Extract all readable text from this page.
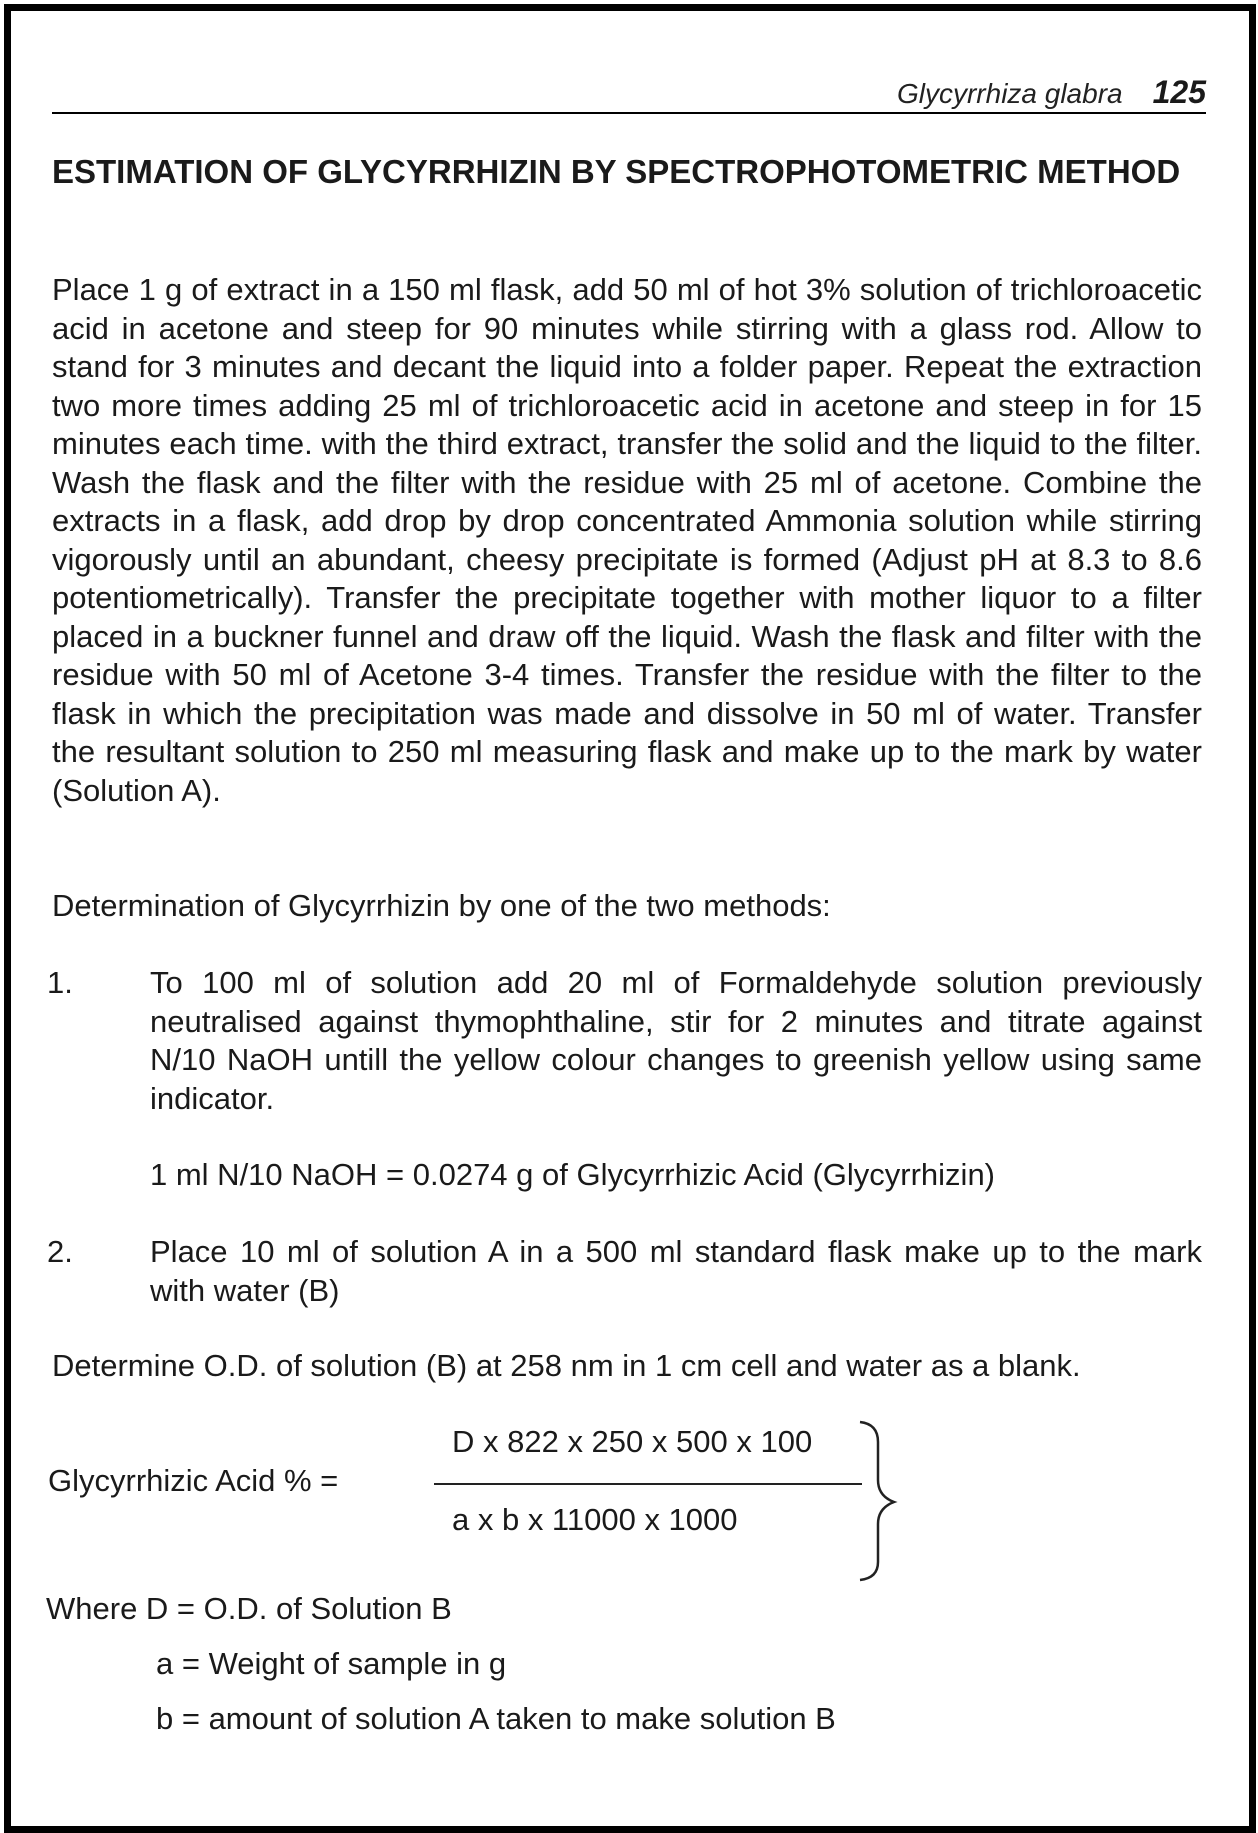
Glycyrrhiza glabra 125
ESTIMATION OF GLYCYRRHIZIN BY SPECTROPHOTOMETRIC METHOD
Place 1 g of extract in a 150 ml flask, add 50 ml of hot 3% solution of trichloroacetic acid in acetone and steep for 90 minutes while stirring with a glass rod. Allow to stand for 3 minutes and decant the liquid into a folder paper. Repeat the extraction two more times adding 25 ml of trichloroacetic acid in acetone and steep in for 15 minutes each time. with the third extract, transfer the solid and the liquid to the filter. Wash the flask and the filter with the residue with 25 ml of acetone. Combine the extracts in a flask, add drop by drop concentrated Ammonia solution while stirring vigorously until an abundant, cheesy precipitate is formed (Adjust pH at 8.3 to 8.6 potentiometrically). Transfer the precipitate together with mother liquor to a filter placed in a buckner funnel and draw off the liquid. Wash the flask and filter with the residue with 50 ml of Acetone 3-4 times. Transfer the residue with the filter to the flask in which the precipitation was made and dissolve in 50 ml of water. Transfer the resultant solution to 250 ml measuring flask and make up to the mark by water (Solution A).
Determination of Glycyrrhizin by one of the two methods:
1. To 100 ml of solution add 20 ml of Formaldehyde solution previously neutralised against thymophthaline, stir for 2 minutes and titrate against N/10 NaOH untill the yellow colour changes to greenish yellow using same indicator.
1 ml N/10 NaOH = 0.0274 g of Glycyrrhizic Acid (Glycyrrhizin)
2. Place 10 ml of solution A in a 500 ml standard flask make up to the mark with water (B)
Determine O.D. of solution (B) at 258 nm in 1 cm cell and water as a blank.
Glycyrrhizic Acid % =
D x 822 x 250 x 500 x 100
a x b x 11000 x 1000
Where D = O.D. of Solution B
a = Weight of sample in g
b = amount of solution A taken to make solution B
